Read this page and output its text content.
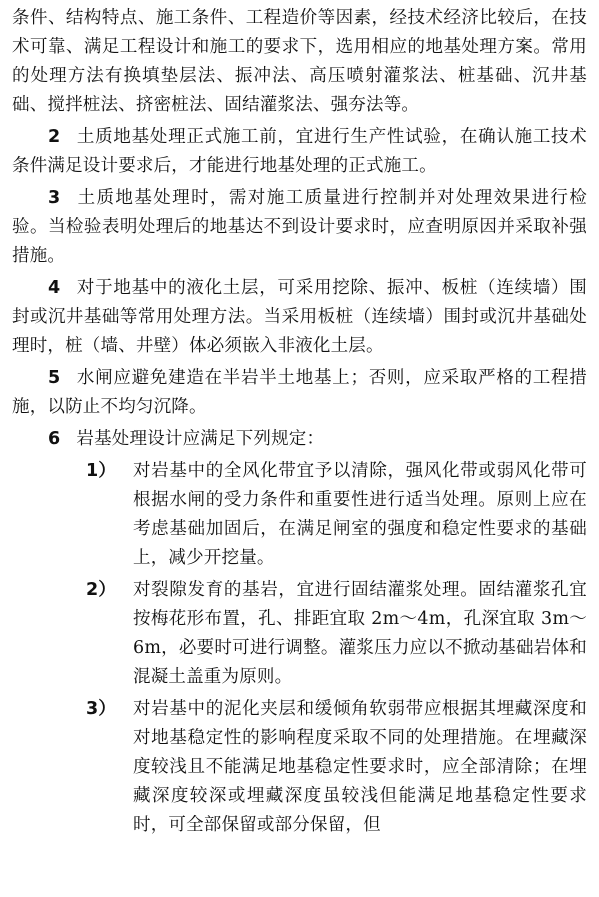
条件、结构特点、施工条件、工程造价等因素，经技术经济比较后，在技术可靠、满足工程设计和施工的要求下，选用相应的地基处理方案。常用的处理方法有换填垫层法、振冲法、高压喷射灌浆法、桩基础、沉井基础、搅拌桩法、挤密桩法、固结灌浆法、强夯法等。

2 土质地基处理正式施工前，宜进行生产性试验，在确认施工技术条件满足设计要求后，才能进行地基处理的正式施工。

3 土质地基处理时，需对施工质量进行控制并对处理效果进行检验。当检验表明处理后的地基达不到设计要求时，应查明原因并采取补强措施。

4 对于地基中的液化土层，可采用挖除、振冲、板桩（连续墙）围封或沉井基础等常用处理方法。当采用板桩（连续墙）围封或沉井基础处理时，桩（墙、井壁）体必须嵌入非液化土层。

5 水闸应避免建造在半岩半土地基上；否则，应采取严格的工程措施，以防止不均匀沉降。

6 岩基处理设计应满足下列规定：

1） 对岩基中的全风化带宜予以清除，强风化带或弱风化带可根据水闸的受力条件和重要性进行适当处理。原则上应在考虑基础加固后，在满足闸室的强度和稳定性要求的基础上，减少开挖量。
2） 对裂隙发育的基岩，宜进行固结灌浆处理。固结灌浆孔宜按梅花形布置，孔、排距宜取 2m～4m，孔深宜取 3m～6m，必要时可进行调整。灌浆压力应以不掀动基础岩体和混凝土盖重为原则。
3） 对岩基中的泥化夹层和缓倾角软弱带应根据其埋藏深度和对地基稳定性的影响程度采取不同的处理措施。在埋藏深度较浅且不能满足地基稳定性要求时，应全部清除；在埋藏深度较深或埋藏深度虽较浅但能满足地基稳定性要求时，可全部保留或部分保留，但
